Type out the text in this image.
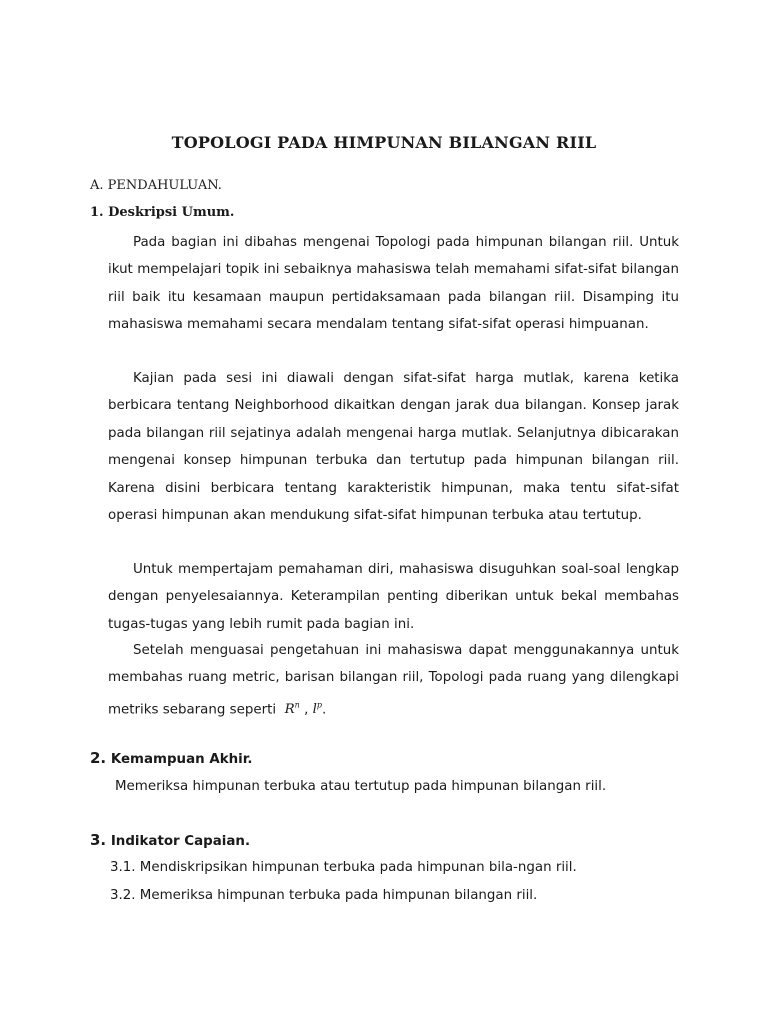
TOPOLOGI PADA HIMPUNAN BILANGAN RIIL
A. PENDAHULUAN.
1. Deskripsi Umum.

Pada bagian ini dibahas mengenai Topologi pada himpunan bilangan riil. Untuk ikut mempelajari topik ini sebaiknya mahasiswa telah memahami sifat-sifat bilangan riil baik itu kesamaan maupun pertidaksamaan pada bilangan riil. Disamping itu mahasiswa memahami secara mendalam tentang sifat-sifat operasi himpuanan.

Kajian pada sesi ini diawali dengan sifat-sifat harga mutlak, karena ketika berbicara tentang Neighborhood dikaitkan dengan jarak dua bilangan. Konsep jarak pada bilangan riil sejatinya adalah mengenai harga mutlak. Selanjutnya dibicarakan mengenai konsep himpunan terbuka dan tertutup pada himpunan bilangan riil. Karena disini berbicara tentang karakteristik himpunan, maka tentu sifat-sifat operasi himpunan akan mendukung sifat-sifat himpunan terbuka atau tertutup.

Untuk mempertajam pemahaman diri, mahasiswa disuguhkan soal-soal lengkap dengan penyelesaiannya. Keterampilan penting diberikan untuk bekal membahas tugas-tugas yang lebih rumit pada bagian ini.

Setelah menguasai pengetahuan ini mahasiswa dapat menggunakannya untuk membahas ruang metric, barisan bilangan riil, Topologi pada ruang yang dilengkapi metriks sebarang seperti $R^n$ , $l^p$.

2. Kemampuan Akhir.
Memeriksa himpunan terbuka atau tertutup pada himpunan bilangan riil.
3. Indikator Capaian.
3.1. Mendiskripsikan himpunan terbuka pada himpunan bila-ngan riil.
3.2. Memeriksa himpunan terbuka pada himpunan bilangan riil.
